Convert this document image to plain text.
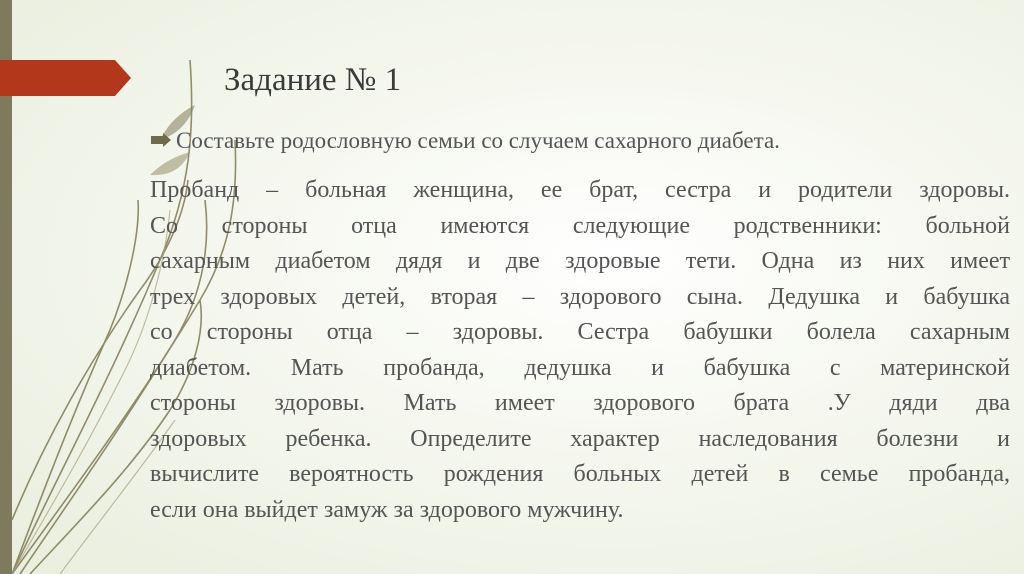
Задание № 1
Составьте родословную семьи со случаем сахарного диабета.
Пробанд – больная женщина, ее брат, сестра и родители здоровы.
Со стороны отца имеются следующие родственники: больной
сахарным диабетом дядя и две здоровые тети. Одна из них имеет
трех здоровых детей, вторая – здорового сына. Дедушка и бабушка
со стороны отца – здоровы. Сестра бабушки болела сахарным
диабетом. Мать пробанда, дедушка и бабушка с материнской
стороны здоровы. Мать имеет здорового брата .У дяди два
здоровых ребенка. Определите характер наследования болезни и
вычислите вероятность рождения больных детей в семье пробанда,
если она выйдет замуж за здорового мужчину.
